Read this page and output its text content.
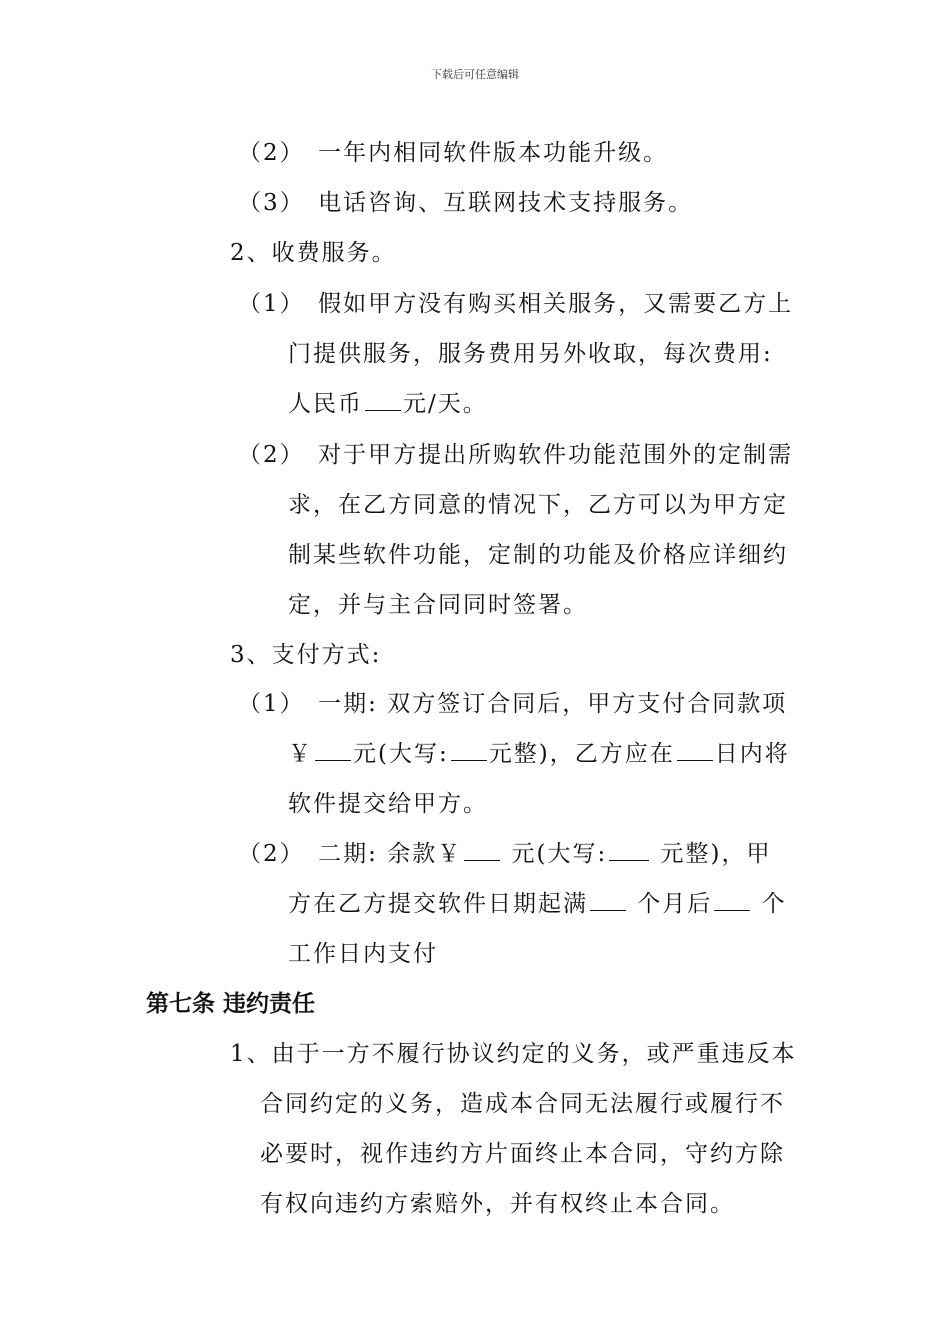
下载后可任意编辑
（2）　一年内相同软件版本功能升级。
（3）　电话咨询、互联网技术支持服务。
2、收费服务。
（1）　假如甲方没有购买相关服务，又需要乙方上
门提供服务，服务费用另外收取，每次费用:
人民币 元/天。
（2）　对于甲方提出所购软件功能范围外的定制需
求，在乙方同意的情况下，乙方可以为甲方定
制某些软件功能，定制的功能及价格应详细约
定，并与主合同同时签署。
3、支付方式:
（1）　一期: 双方签订合同后，甲方支付合同款项
￥ 元(大写: 元整)，乙方应在 日内将
软件提交给甲方。
（2）　二期: 余款￥ 元(大写: 元整)，甲
方在乙方提交软件日期起满 个月后 个
工作日内支付
第七条 违约责任
1、由于一方不履行协议约定的义务，或严重违反本
合同约定的义务，造成本合同无法履行或履行不
必要时，视作违约方片面终止本合同，守约方除
有权向违约方索赔外，并有权终止本合同。
